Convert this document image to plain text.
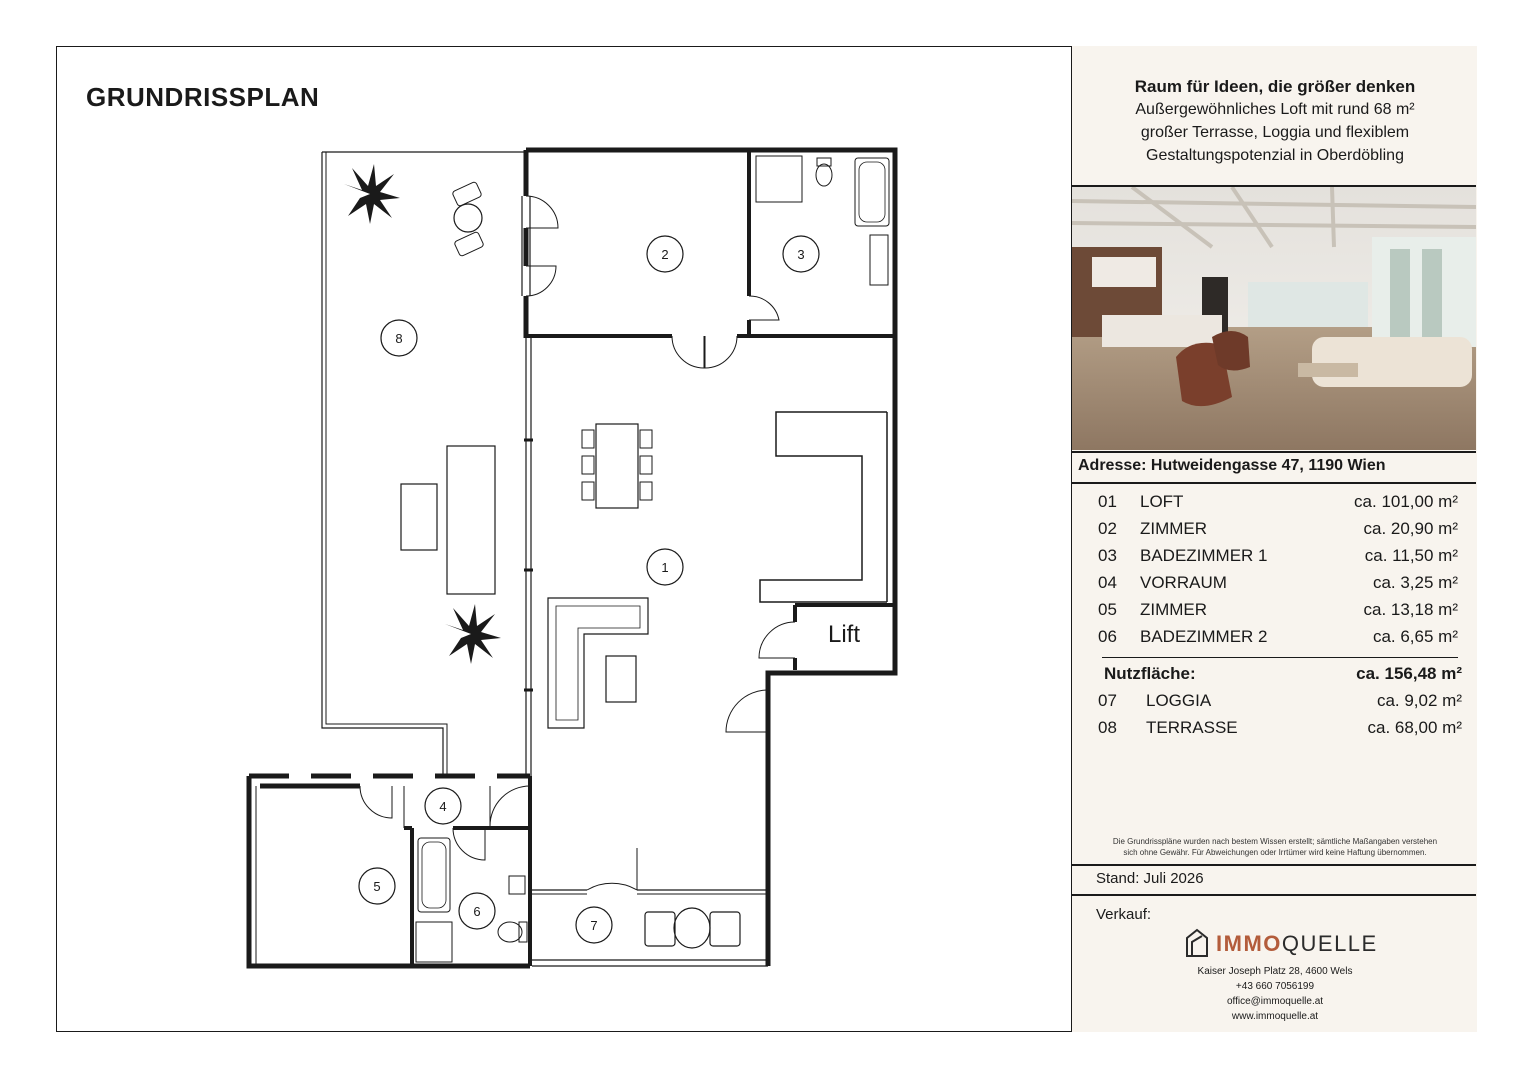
GRUNDRISSPLAN
1
2	3
4
5
6
7
8
Lift
Raum für Ideen, die größer denken
Außergewöhnliches Loft mit rund 68 m²
großer Terrasse, Loggia und flexiblem
Gestaltungspotenzial in Oberdöbling
Adresse: Hutweidengasse 47, 1190 Wien
01 LOFT	ca. 101,00 m²
02 ZIMMER	ca. 20,90 m²
03 BADEZIMMER 1	ca. 11,50 m²
04 VORRAUM	ca. 3,25 m²
05 ZIMMER	ca. 13,18 m²
06 BADEZIMMER 2	ca. 6,65 m²
Nutzfläche:	ca. 156,48 m²
07 LOGGIA	ca. 9,02 m²
08 TERRASSE	ca. 68,00 m²
Die Grundrisspläne wurden nach bestem Wissen erstellt; sämtliche Maßangaben verstehen
sich ohne Gewähr. Für Abweichungen oder Irrtümer wird keine Haftung übernommen.
Stand: Juli 2026
Verkauf:
IMMOQUELLE
Kaiser Joseph Platz 28, 4600 Wels
+43 660 7056199
office@immoquelle.at
www.immoquelle.at
